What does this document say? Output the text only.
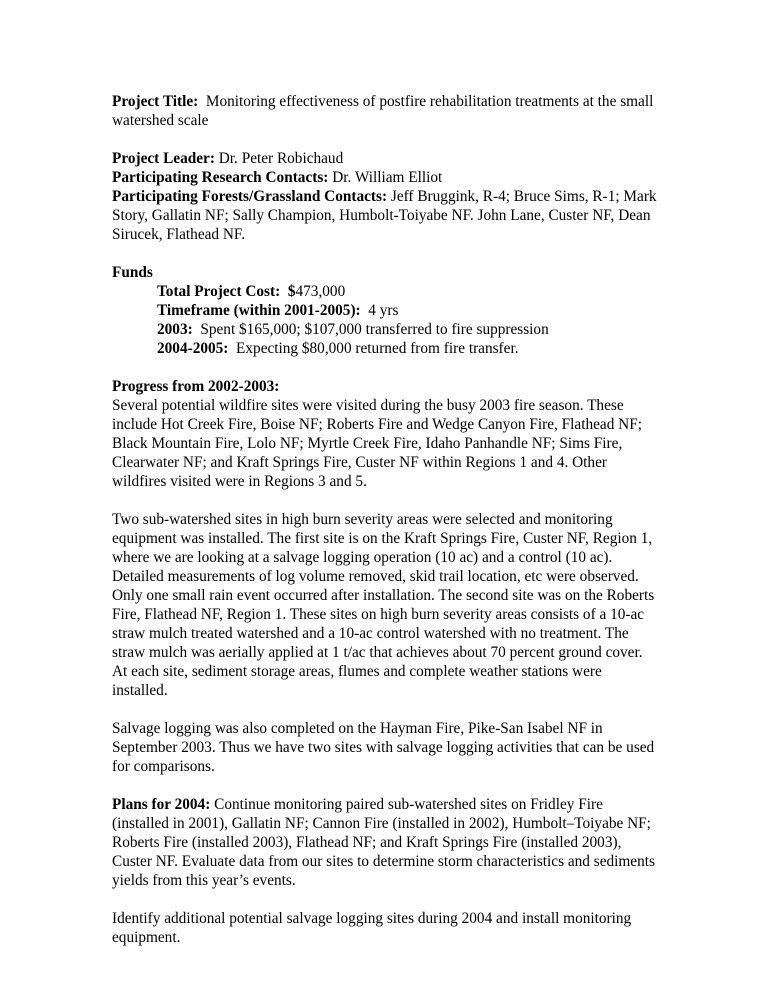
Project Title: Monitoring effectiveness of postfire rehabilitation treatments at the small watershed scale

Project Leader: Dr. Peter Robichaud

Participating Research Contacts: Dr. William Elliot

Participating Forests/Grassland Contacts: Jeff Bruggink, R-4; Bruce Sims, R-1; Mark Story, Gallatin NF; Sally Champion, Humbolt-Toiyabe NF. John Lane, Custer NF, Dean Sirucek, Flathead NF.

Funds

Total Project Cost:  $473,000

Timeframe (within 2001-2005): 4 yrs

2003: Spent $165,000; $107,000 transferred to fire suppression

2004-2005: Expecting $80,000 returned from fire transfer.

Progress from 2002-2003:

Several potential wildfire sites were visited during the busy 2003 fire season. These include Hot Creek Fire, Boise NF; Roberts Fire and Wedge Canyon Fire, Flathead NF; Black Mountain Fire, Lolo NF; Myrtle Creek Fire, Idaho Panhandle NF; Sims Fire, Clearwater NF; and Kraft Springs Fire, Custer NF within Regions 1 and 4. Other wildfires visited were in Regions 3 and 5.

Two sub-watershed sites in high burn severity areas were selected and monitoring equipment was installed. The first site is on the Kraft Springs Fire, Custer NF, Region 1, where we are looking at a salvage logging operation (10 ac) and a control (10 ac). Detailed measurements of log volume removed, skid trail location, etc were observed. Only one small rain event occurred after installation. The second site was on the Roberts Fire, Flathead NF, Region 1. These sites on high burn severity areas consists of a 10-ac straw mulch treated watershed and a 10-ac control watershed with no treatment. The straw mulch was aerially applied at 1 t/ac that achieves about 70 percent ground cover. At each site, sediment storage areas, flumes and complete weather stations were installed.

Salvage logging was also completed on the Hayman Fire, Pike-San Isabel NF in September 2003. Thus we have two sites with salvage logging activities that can be used for comparisons.

Plans for 2004: Continue monitoring paired sub-watershed sites on Fridley Fire (installed in 2001), Gallatin NF; Cannon Fire (installed in 2002), Humbolt–Toiyabe NF; Roberts Fire (installed 2003), Flathead NF; and Kraft Springs Fire (installed 2003), Custer NF. Evaluate data from our sites to determine storm characteristics and sediments yields from this year’s events.

Identify additional potential salvage logging sites during 2004 and install monitoring equipment.
